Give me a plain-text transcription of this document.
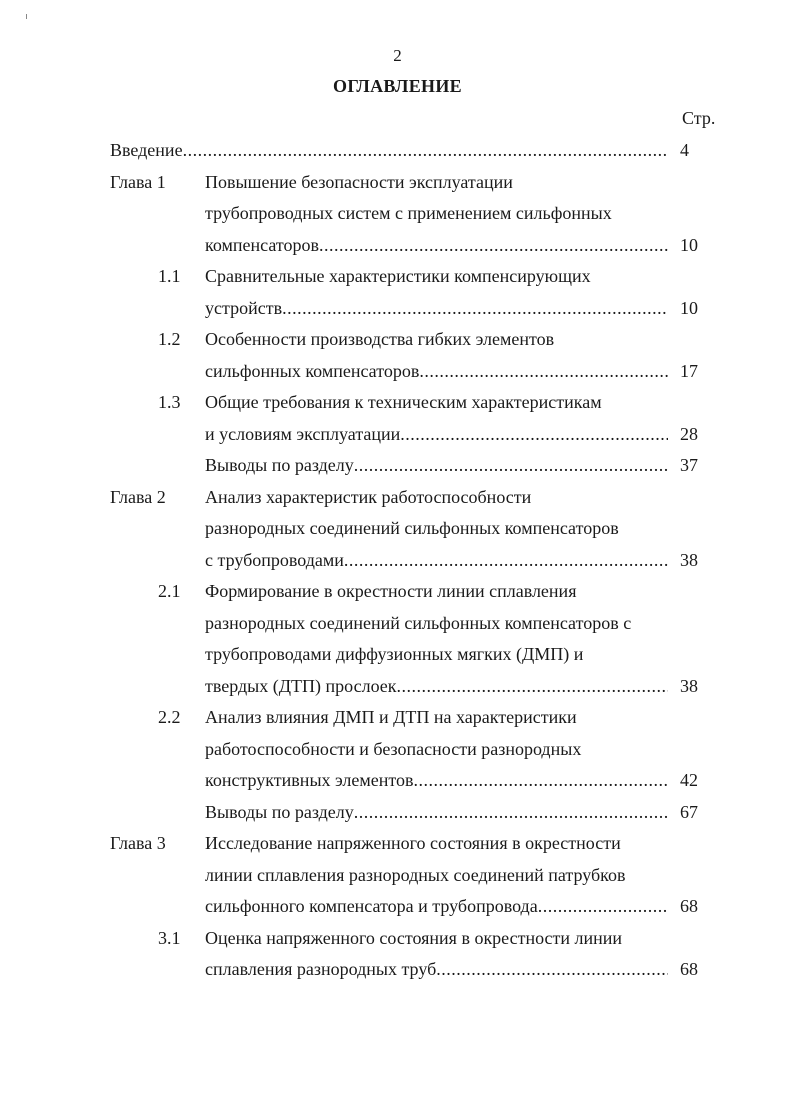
2
ОГЛАВЛЕНИЕ
Стр.
Введение .....	4
Глава 1 Повышение безопасности эксплуатации
трубопроводных систем с применением сильфонных
компенсаторов .....	10
1.1 Сравнительные характеристики компенсирующих
устройств .....	10
1.2 Особенности производства гибких элементов
сильфонных компенсаторов .....	17
1.3 Общие требования к техническим характеристикам
и условиям эксплуатации .....	28
Выводы по разделу .....	37
Глава 2 Анализ характеристик работоспособности
разнородных соединений сильфонных компенсаторов
с трубопроводами .....	38
2.1 Формирование в окрестности линии сплавления
разнородных соединений сильфонных компенсаторов с
трубопроводами диффузионных мягких (ДМП) и
твердых (ДТП) прослоек .....	38
2.2 Анализ влияния ДМП и ДТП на характеристики
работоспособности и безопасности разнородных
конструктивных элементов .....	42
Выводы по разделу .....	67
Глава 3 Исследование напряженного состояния в окрестности
линии сплавления разнородных соединений патрубков
сильфонного компенсатора и трубопровода .....	68
3.1 Оценка напряженного состояния в окрестности линии
сплавления разнородных труб .....	68
